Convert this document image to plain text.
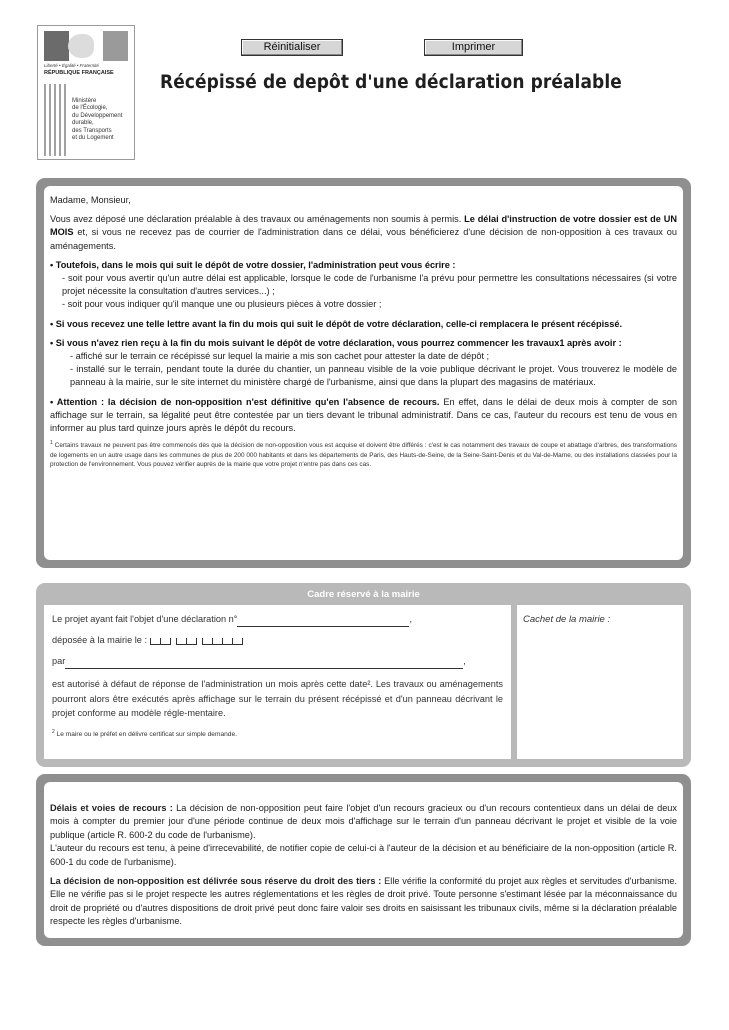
Liberté • Égalité • Fraternité
RÉPUBLIQUE FRANÇAISE
Ministère
de l'Écologie,
du Développement
durable,
des Transports
et du Logement
Réinitialiser	Imprimer
Récépissé de depôt d'une déclaration préalable

Madame, Monsieur,

Vous avez déposé une déclaration préalable à des travaux ou aménagements non soumis à permis. Le délai d'instruction de votre dossier est de UN MOIS et, si vous ne recevez pas de courrier de l'administration dans ce délai, vous bénéficierez d'une décision de non-opposition à ces travaux ou aménagements.

• Toutefois, dans le mois qui suit le dépôt de votre dossier, l'administration peut vous écrire :
- soit pour vous avertir qu'un autre délai est applicable, lorsque le code de l'urbanisme l'a prévu pour permettre les consultations nécessaires (si votre projet nécessite la consultation d'autres services...) ;
- soit pour vous indiquer qu'il manque une ou plusieurs pièces à votre dossier ;
• Si vous recevez une telle lettre avant la fin du mois qui suit le dépôt de votre déclaration, celle-ci remplacera le présent récépissé.
• Si vous n'avez rien reçu à la fin du mois suivant le dépôt de votre déclaration, vous pourrez commencer les travaux1 après avoir :
- affiché sur le terrain ce récépissé sur lequel la mairie a mis son cachet pour attester la date de dépôt ;
- installé sur le terrain, pendant toute la durée du chantier, un panneau visible de la voie publique décrivant le projet. Vous trouverez le modèle de panneau à la mairie, sur le site internet du ministère chargé de l'urbanisme, ainsi que dans la plupart des magasins de matériaux.
• Attention : la décision de non-opposition n'est définitive qu'en l'absence de recours. En effet, dans le délai de deux mois à compter de son affichage sur le terrain, sa légalité peut être contestée par un tiers devant le tribunal administratif. Dans ce cas, l'auteur du recours est tenu de vous en informer au plus tard quinze jours après le dépôt du recours.
$^1$ Certains travaux ne peuvent pas être commencés dès que la décision de non-opposition vous est acquise et doivent être différés : c'est le cas notamment des travaux de coupe et abattage d'arbres, des transformations de logements en un autre usage dans les communes de plus de 200 000 habitants et dans les départements de Paris, des Hauts-de-Seine, de la Seine-Saint-Denis et du Val-de-Marne, ou des installations classées pour la protection de l'environnement. Vous pouvez vérifier auprès de la mairie que votre projet n'entre pas dans ces cas.
Cadre réservé à la mairie
Le projet ayant fait l'objet d'une déclaration n°	,
déposée à la mairie le :
par	,
est autorisé à défaut de réponse de l'administration un mois après cette date². Les travaux ou aménagements pourront alors être exécutés après affichage sur le terrain du présent récépissé et d'un panneau décrivant le projet conforme au modèle régle-mentaire.
$^2$ Le maire ou le préfet en délivre certificat sur simple demande.
Cachet de la mairie :

Délais et voies de recours : La décision de non-opposition peut faire l'objet d'un recours gracieux ou d'un recours contentieux dans un délai de deux mois à compter du premier jour d'une période continue de deux mois d'affichage sur le terrain d'un panneau décrivant le projet et visible de la voie publique (article R. 600-2 du code de l'urbanisme).
L'auteur du recours est tenu, à peine d'irrecevabilité, de notifier copie de celui-ci à l'auteur de la décision et au bénéficiaire de la non-opposition (article R. 600-1 du code de l'urbanisme).

La décision de non-opposition est délivrée sous réserve du droit des tiers : Elle vérifie la conformité du projet aux règles et servitudes d'urbanisme. Elle ne vérifie pas si le projet respecte les autres réglementations et les règles de droit privé. Toute personne s'estimant lésée par la méconnaissance du droit de propriété ou d'autres dispositions de droit privé peut donc faire valoir ses droits en saisissant les tribunaux civils, même si la déclaration préalable respecte les règles d'urbanisme.
